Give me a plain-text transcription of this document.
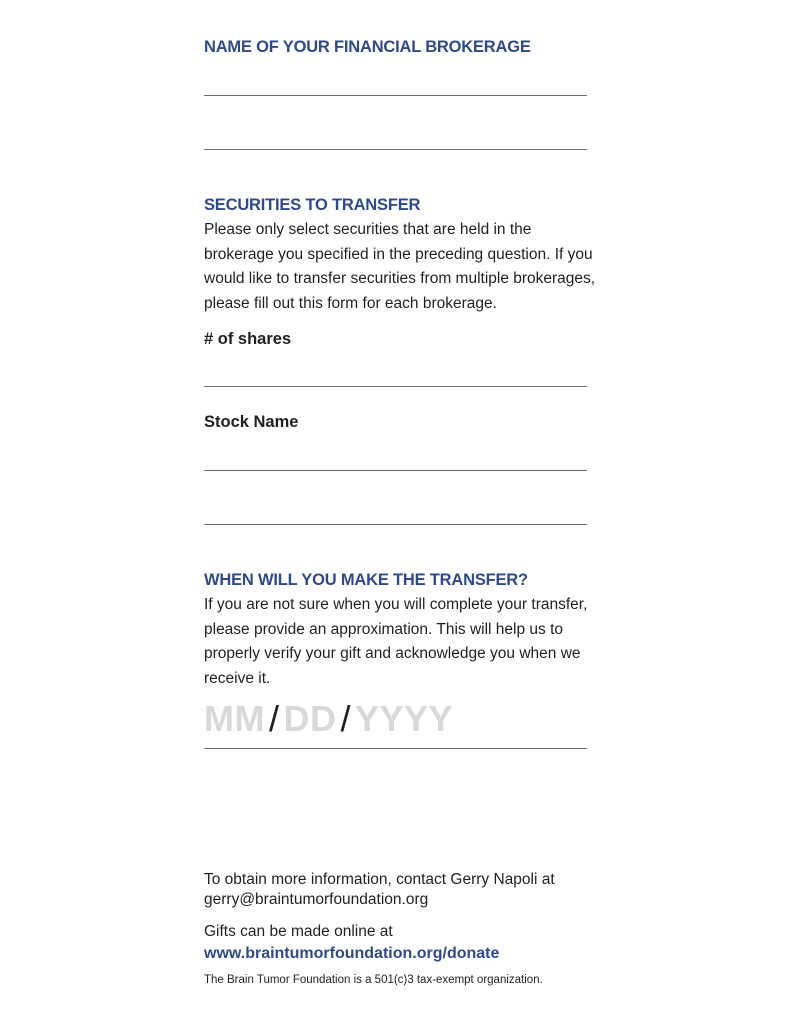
NAME OF YOUR FINANCIAL BROKERAGE
SECURITIES TO TRANSFER
Please only select securities that are held in the brokerage you specified in the preceding question. If you would like to transfer securities from multiple brokerages, please fill out this form for each brokerage.
# of shares
Stock Name
WHEN WILL YOU MAKE THE TRANSFER?
If you are not sure when you will complete your transfer, please provide an approximation. This will help us to properly verify your gift and acknowledge you when we receive it.
MM / DD / YYYY
To obtain more information, contact Gerry Napoli at
gerry@braintumorfoundation.org
Gifts can be made online at
www.braintumorfoundation.org/donate
The Brain Tumor Foundation is a 501(c)3 tax-exempt organization.
